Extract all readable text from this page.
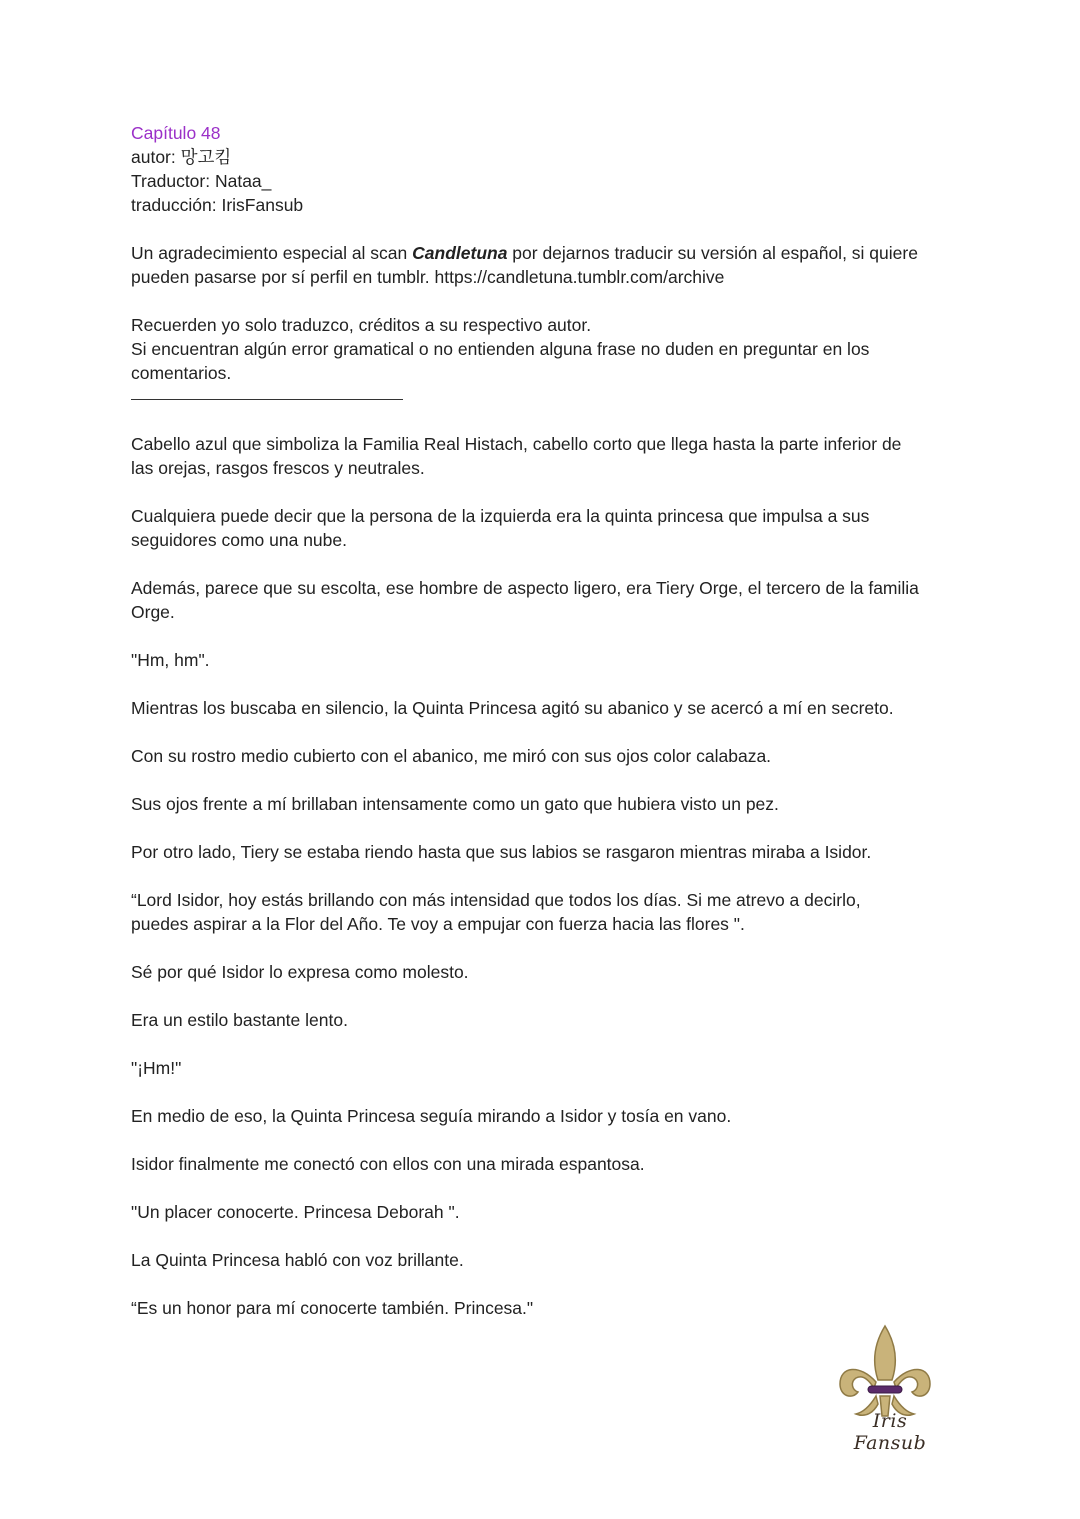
Capítulo 48
autor: 망고킴
Traductor: Nataa_
traducción: IrisFansub
Un agradecimiento especial al scan Candletuna por dejarnos traducir su versión al español, si quiere
pueden pasarse por sí perfil en tumblr. https://candletuna.tumblr.com/archive
Recuerden yo solo traduzco, créditos a su respectivo autor.
Si encuentran algún error gramatical o no entienden alguna frase no duden en preguntar en los
comentarios.
Cabello azul que simboliza la Familia Real Histach, cabello corto que llega hasta la parte inferior de
las orejas, rasgos frescos y neutrales.
Cualquiera puede decir que la persona de la izquierda era la quinta princesa que impulsa a sus
seguidores como una nube.
Además, parece que su escolta, ese hombre de aspecto ligero, era Tiery Orge, el tercero de la familia
Orge.
"Hm, hm".
Mientras los buscaba en silencio, la Quinta Princesa agitó su abanico y se acercó a mí en secreto.
Con su rostro medio cubierto con el abanico, me miró con sus ojos color calabaza.
Sus ojos frente a mí brillaban intensamente como un gato que hubiera visto un pez.
Por otro lado, Tiery se estaba riendo hasta que sus labios se rasgaron mientras miraba a Isidor.
“Lord Isidor, hoy estás brillando con más intensidad que todos los días. Si me atrevo a decirlo,
puedes aspirar a la Flor del Año. Te voy a empujar con fuerza hacia las flores ".
Sé por qué Isidor lo expresa como molesto.
Era un estilo bastante lento.
"¡Hm!"
En medio de eso, la Quinta Princesa seguía mirando a Isidor y tosía en vano.
Isidor finalmente me conectó con ellos con una mirada espantosa.
"Un placer conocerte. Princesa Deborah ".
La Quinta Princesa habló con voz brillante.
“Es un honor para mí conocerte también. Princesa."
Iris Fansub
